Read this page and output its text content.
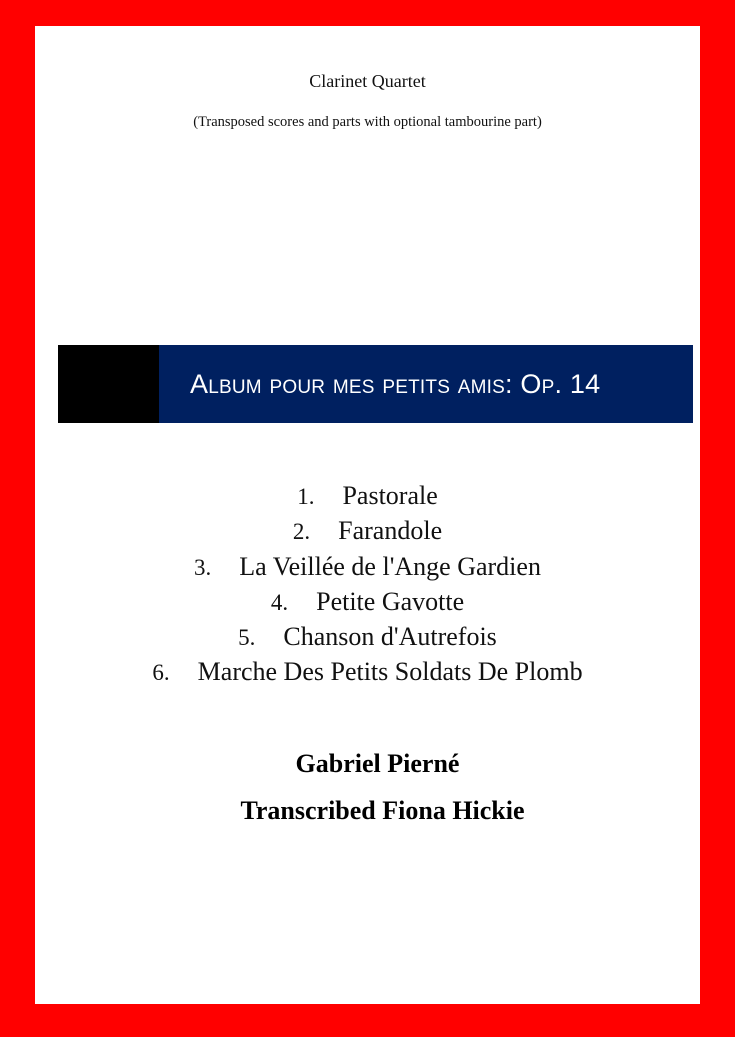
Clarinet Quartet
(Transposed scores and parts with optional tambourine part)
Album pour mes petits amis: Op. 14
1. Pastorale
2. Farandole
3. La Veillée de l'Ange Gardien
4. Petite Gavotte
5. Chanson d'Autrefois
6. Marche Des Petits Soldats De Plomb
Gabriel Pierné
Transcribed Fiona Hickie
